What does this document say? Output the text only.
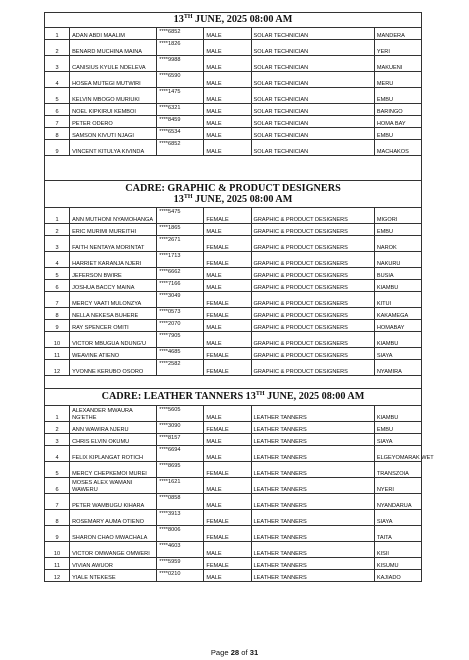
13TH JUNE, 2025 08:00 AM
1	ADAN ABDI MAALIM	****6852	MALE	SOLAR TECHNICIAN	MANDERA
2	BENARD MUCHINA MAINA	****1826	MALE	SOLAR TECHNICIAN	YERI
3	CANISIUS KYULE NDELEVA	****9988	MALE	SOLAR TECHNICIAN	MAKUENI
4	HOSEA MUTEGI MUTWIRI	****6590	MALE	SOLAR TECHNICIAN	MERU
5	KELVIN MBOGO MURIUKI	****1475	MALE	SOLAR TECHNICIAN	EMBU
6	NOEL KIPKIRUI KEMBOI	****6321	MALE	SOLAR TECHNICIAN	BARINGO
7	PETER ODERO	****8459	MALE	SOLAR TECHNICIAN	HOMA BAY
8	SAMSON KIVUTI NJAGI	****6534	MALE	SOLAR TECHNICIAN	EMBU
9	VINCENT KITULYA KIVINDA	****6852	MALE	SOLAR TECHNICIAN	MACHAKOS
CADRE: GRAPHIC & PRODUCT DESIGNERS
13TH JUNE, 2025 08:00 AM
1	ANN MUTHONI NYAMOHANGA	****5475	FEMALE	GRAPHIC & PRODUCT DESIGNERS	MIGORI
2	ERIC MURIMI MUREITHI	****1865	MALE	GRAPHIC & PRODUCT DESIGNERS	EMBU
3	FAITH NENTAYA MORINTAT	****2671	FEMALE	GRAPHIC & PRODUCT DESIGNERS	NAROK
4	HARRIET KARANJA NJERI	****1713	FEMALE	GRAPHIC & PRODUCT DESIGNERS	NAKURU
5	JEFERSON BWIRE	****6662	MALE	GRAPHIC & PRODUCT DESIGNERS	BUSIA
6	JOSHUA BACCY MAINA	****7166	MALE	GRAPHIC & PRODUCT DESIGNERS	KIAMBU
7	MERCY VAATI MULONZYA	****3049	FEMALE	GRAPHIC & PRODUCT DESIGNERS	KITUI
8	NELLA NEKESA BUHERE	****0573	FEMALE	GRAPHIC & PRODUCT DESIGNERS	KAKAMEGA
9	RAY SPENCER OMITI	****2070	MALE	GRAPHIC & PRODUCT DESIGNERS	HOMABAY
10	VICTOR MBUGUA NDUNG'U	****7905	MALE	GRAPHIC & PRODUCT DESIGNERS	KIAMBU
11	WEAVINE ATIENO	****4685	FEMALE	GRAPHIC & PRODUCT DESIGNERS	SIAYA
12	YVONNE KERUBO OSORO	****2582	FEMALE	GRAPHIC & PRODUCT DESIGNERS	NYAMIRA
CADRE: LEATHER TANNERS 13TH JUNE, 2025 08:00 AM
1	ALEXANDER MWAURA NG'ETHE	****5605	MALE	LEATHER TANNERS	KIAMBU
2	ANN WAWIRA NJERU	****3090	FEMALE	LEATHER TANNERS	EMBU
3	CHRIS ELVIN OKUMU	****8157	MALE	LEATHER TANNERS	SIAYA
4	FELIX KIPLANGAT ROTICH	****6694	MALE	LEATHER TANNERS	ELGEYOMARAK WET
5	MERCY CHEPKEMOI MUREI	****8695	FEMALE	LEATHER TANNERS	TRANSZOIA
6	MOSES ALEX WAMANI WAWERU	****1621	MALE	LEATHER TANNERS	NYERI
7	PETER WAMBUGU KIHARA	****0858	MALE	LEATHER TANNERS	NYANDARUA
8	ROSEMARY AUMA OTIENO	****3913	FEMALE	LEATHER TANNERS	SIAYA
9	SHARON CHAO MWACHALA	****8006	FEMALE	LEATHER TANNERS	TAITA
10	VICTOR OMWANGE OMWERI	****4603	MALE	LEATHER TANNERS	KISII
11	VIVIAN AWUOR	****5959	FEMALE	LEATHER TANNERS	KISUMU
12	YIALE NTEKESE	****0210	MALE	LEATHER TANNERS	KAJIADO
Page 28 of 31
